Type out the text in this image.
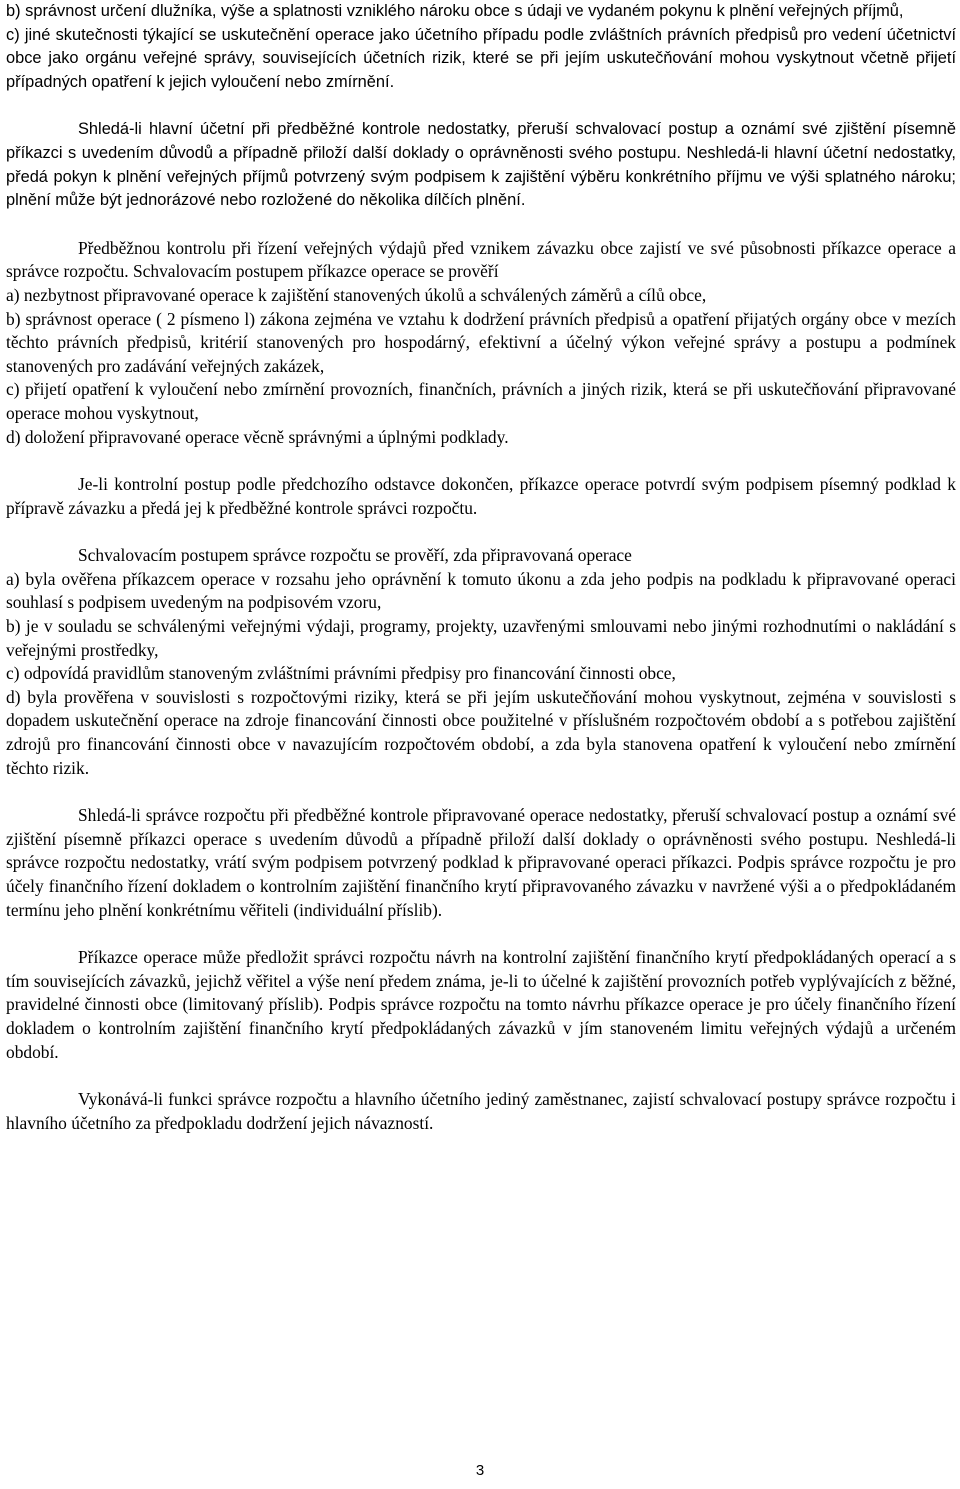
b) správnost určení dlužníka, výše a splatnosti vzniklého nároku obce s údaji ve vydaném pokynu k plnění veřejných příjmů,

c) jiné skutečnosti týkající se uskutečnění operace jako účetního případu podle zvláštních právních předpisů pro vedení účetnictví obce jako orgánu veřejné správy, souvisejících účetních rizik, které se při jejím uskutečňování mohou vyskytnout včetně přijetí případných opatření k jejich vyloučení nebo zmírnění.

Shledá-li hlavní účetní při předběžné kontrole nedostatky, přeruší schvalovací postup a oznámí své zjištění písemně příkazci s uvedením důvodů a případně přiloží další doklady o oprávněnosti svého postupu. Neshledá-li hlavní účetní nedostatky, předá pokyn k plnění veřejných příjmů potvrzený svým podpisem k zajištění výběru konkrétního příjmu ve výši splatného nároku; plnění může být jednorázové nebo rozložené do několika dílčích plnění.

Předběžnou kontrolu při řízení veřejných výdajů před vznikem závazku obce zajistí ve své působnosti příkazce operace a správce rozpočtu. Schvalovacím postupem příkazce operace se prověří

a) nezbytnost připravované operace k zajištění stanovených úkolů a schválených záměrů a cílů obce,

b) správnost operace ( 2 písmeno l) zákona zejména ve vztahu k dodržení právních předpisů a opatření přijatých orgány obce v mezích těchto právních předpisů, kritérií stanovených pro hospodárný, efektivní a účelný výkon veřejné správy a postupu a podmínek stanovených pro zadávání veřejných zakázek,

c) přijetí opatření k vyloučení nebo zmírnění provozních, finančních, právních a jiných rizik, která se při uskutečňování připravované operace mohou vyskytnout,

d) doložení připravované operace věcně správnými a úplnými podklady.

Je-li kontrolní postup podle předchozího odstavce dokončen, příkazce operace potvrdí svým podpisem písemný podklad k přípravě závazku a předá jej k předběžné kontrole správci rozpočtu.

Schvalovacím postupem správce rozpočtu se prověří, zda připravovaná operace

a) byla ověřena příkazcem operace v rozsahu jeho oprávnění k tomuto úkonu a zda jeho podpis na podkladu k připravované operaci souhlasí s podpisem uvedeným na podpisovém vzoru,

b) je v souladu se schválenými veřejnými výdaji, programy, projekty, uzavřenými smlouvami nebo jinými rozhodnutími o nakládání s veřejnými prostředky,

c) odpovídá pravidlům stanoveným zvláštními právními předpisy pro financování činnosti obce,

d) byla prověřena v souvislosti s rozpočtovými riziky, která se při jejím uskutečňování mohou vyskytnout, zejména v souvislosti s dopadem uskutečnění operace na zdroje financování činnosti obce použitelné v příslušném rozpočtovém období a s potřebou zajištění zdrojů pro financování činnosti obce v navazujícím rozpočtovém období, a zda byla stanovena opatření k vyloučení nebo zmírnění těchto rizik.

Shledá-li správce rozpočtu při předběžné kontrole připravované operace nedostatky, přeruší schvalovací postup a oznámí své zjištění písemně příkazci operace s uvedením důvodů a případně přiloží další doklady o oprávněnosti svého postupu. Neshledá-li správce rozpočtu nedostatky, vrátí svým podpisem potvrzený podklad k připravované operaci příkazci. Podpis správce rozpočtu je pro účely finančního řízení dokladem o kontrolním zajištění finančního krytí připravovaného závazku v navržené výši a o předpokládaném termínu jeho plnění konkrétnímu věřiteli (individuální příslib).

Příkazce operace může předložit správci rozpočtu návrh na kontrolní zajištění finančního krytí předpokládaných operací a s tím souvisejících závazků, jejichž věřitel a výše není předem známa, je-li to účelné k zajištění provozních potřeb vyplývajících z běžné, pravidelné činnosti obce (limitovaný příslib). Podpis správce rozpočtu na tomto návrhu příkazce operace je pro účely finančního řízení dokladem o kontrolním zajištění finančního krytí předpokládaných závazků v jím stanoveném limitu veřejných výdajů a určeném období.

Vykonává-li funkci správce rozpočtu a hlavního účetního jediný zaměstnanec, zajistí schvalovací postupy správce rozpočtu i hlavního účetního za předpokladu dodržení jejich návazností.

3
